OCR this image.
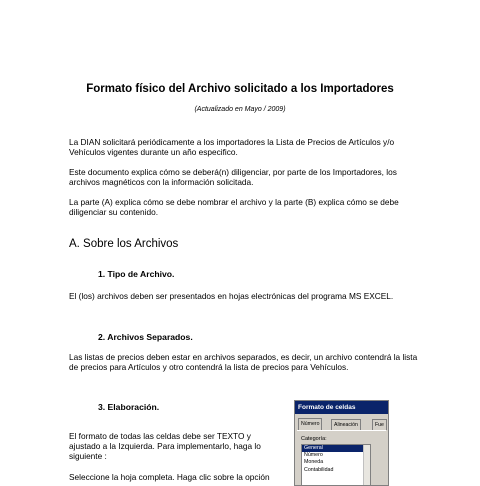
Formato físico del Archivo solicitado a los Importadores
(Actualizado en Mayo / 2009)
La DIAN solicitará periódicamente a los importadores la Lista de Precios de Artículos y/o Vehículos vigentes durante un año especifico.
Este documento explica cómo se deberá(n) diligenciar, por parte de los Importadores, los archivos magnéticos con la información solicitada.
La parte (A) explica cómo se debe nombrar el archivo y la parte (B) explica cómo se debe diligenciar su contenido.
A. Sobre los Archivos
1. Tipo de Archivo.
El (los) archivos deben ser presentados en hojas electrónicas del programa MS EXCEL.
2. Archivos Separados.
Las listas de precios deben estar en archivos separados, es decir, un archivo contendrá la lista de precios para Artículos y otro contendrá la lista de precios para Vehículos.
3. Elaboración.
El formato de todas las celdas debe ser TEXTO y ajustado a la Izquierda. Para implementarlo, haga lo siguiente :
Seleccione la hoja completa. Haga clic sobre la opción
Formato de celdas
Número	Alineación	Fue
Categoría:
General
Número
Moneda
Contabilidad
